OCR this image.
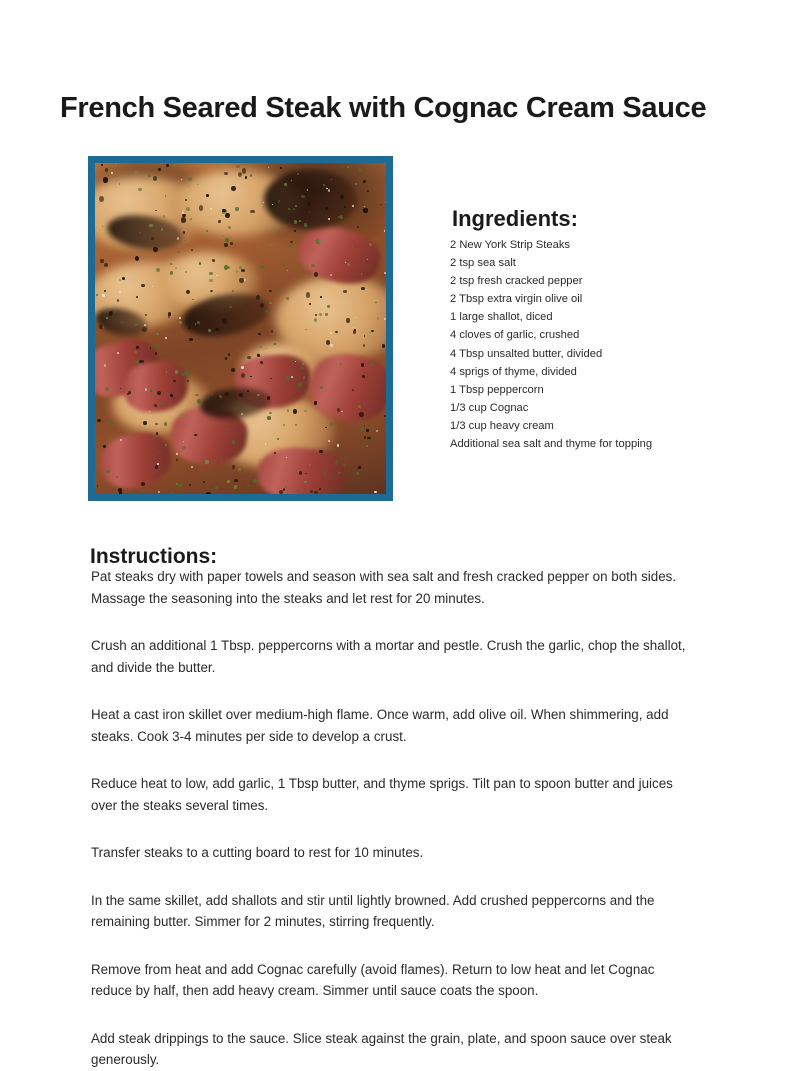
French Seared Steak with Cognac Cream Sauce
Ingredients:
2 New York Strip Steaks
2 tsp sea salt
2 tsp fresh cracked pepper
2 Tbsp extra virgin olive oil
1 large shallot, diced
4 cloves of garlic, crushed
4 Tbsp unsalted butter, divided
4 sprigs of thyme, divided
1 Tbsp peppercorn
1/3 cup Cognac
1/3 cup heavy cream
Additional sea salt and thyme for topping
Instructions:

Pat steaks dry with paper towels and season with sea salt and fresh cracked pepper on both sides. Massage the seasoning into the steaks and let rest for 20 minutes.

Crush an additional 1 Tbsp. peppercorns with a mortar and pestle. Crush the garlic, chop the shallot, and divide the butter.

Heat a cast iron skillet over medium-high flame. Once warm, add olive oil. When shimmering, add steaks. Cook 3-4 minutes per side to develop a crust.

Reduce heat to low, add garlic, 1 Tbsp butter, and thyme sprigs. Tilt pan to spoon butter and juices over the steaks several times.

Transfer steaks to a cutting board to rest for 10 minutes.

In the same skillet, add shallots and stir until lightly browned. Add crushed peppercorns and the remaining butter. Simmer for 2 minutes, stirring frequently.

Remove from heat and add Cognac carefully (avoid flames). Return to low heat and let Cognac reduce by half, then add heavy cream. Simmer until sauce coats the spoon.

Add steak drippings to the sauce. Slice steak against the grain, plate, and spoon sauce over steak generously.
